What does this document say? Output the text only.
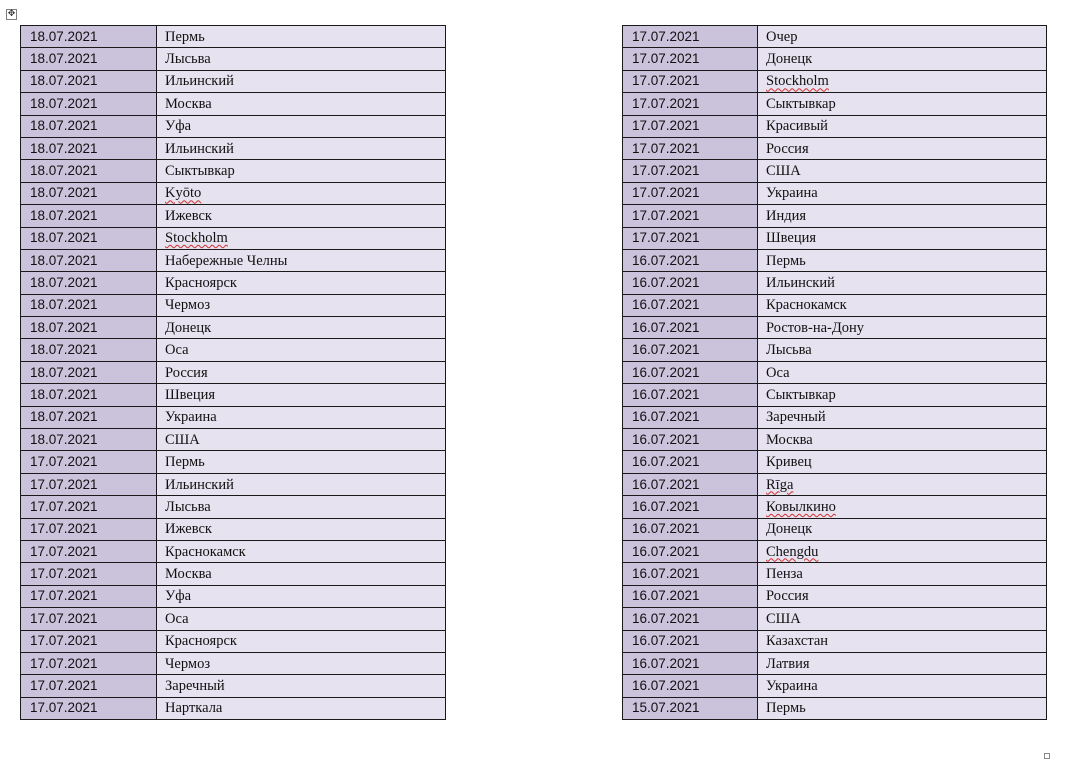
✥
18.07.2021	Пермь
18.07.2021	Лысьва
18.07.2021	Ильинский
18.07.2021	Москва
18.07.2021	Уфа
18.07.2021	Ильинский
18.07.2021	Сыктывкар
18.07.2021	Kyōto
18.07.2021	Ижевск
18.07.2021	Stockholm
18.07.2021	Набережные Челны
18.07.2021	Красноярск
18.07.2021	Чермоз
18.07.2021	Донецк
18.07.2021	Оса
18.07.2021	Россия
18.07.2021	Швеция
18.07.2021	Украина
18.07.2021	США
17.07.2021	Пермь
17.07.2021	Ильинский
17.07.2021	Лысьва
17.07.2021	Ижевск
17.07.2021	Краснокамск
17.07.2021	Москва
17.07.2021	Уфа
17.07.2021	Оса
17.07.2021	Красноярск
17.07.2021	Чермоз
17.07.2021	Заречный
17.07.2021	Нарткала
17.07.2021	Очер
17.07.2021	Донецк
17.07.2021	Stockholm
17.07.2021	Сыктывкар
17.07.2021	Красивый
17.07.2021	Россия
17.07.2021	США
17.07.2021	Украина
17.07.2021	Индия
17.07.2021	Швеция
16.07.2021	Пермь
16.07.2021	Ильинский
16.07.2021	Краснокамск
16.07.2021	Ростов-на-Дону
16.07.2021	Лысьва
16.07.2021	Оса
16.07.2021	Сыктывкар
16.07.2021	Заречный
16.07.2021	Москва
16.07.2021	Кривец
16.07.2021	Rīga
16.07.2021	Ковылкино
16.07.2021	Донецк
16.07.2021	Chengdu
16.07.2021	Пенза
16.07.2021	Россия
16.07.2021	США
16.07.2021	Казахстан
16.07.2021	Латвия
16.07.2021	Украина
15.07.2021	Пермь
